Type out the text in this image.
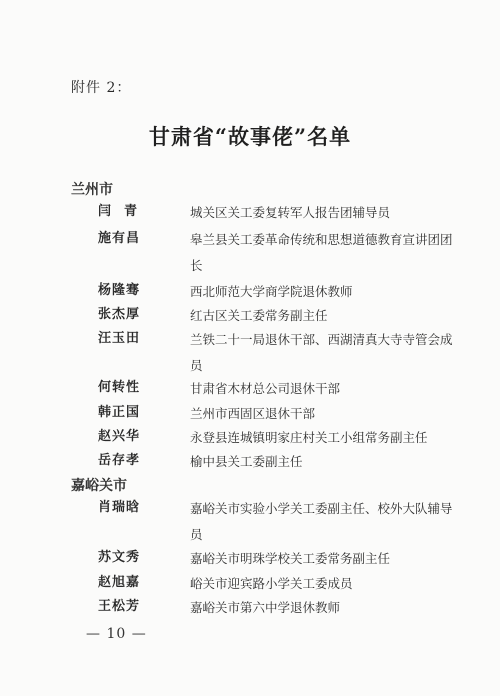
附件 2：
甘肃省“故事佬”名单
兰州市
闫青	城关区关工委复转军人报告团辅导员
施有昌	皋兰县关工委革命传统和思想道德教育宣讲团团长
杨隆骞	西北师范大学商学院退休教师
张杰厚	红古区关工委常务副主任
汪玉田	兰铁二十一局退休干部、西湖清真大寺寺管会成员
何转性	甘肃省木材总公司退休干部
韩正国	兰州市西固区退休干部
赵兴华	永登县连城镇明家庄村关工小组常务副主任
岳存孝	榆中县关工委副主任
嘉峪关市
肖瑞晗	嘉峪关市实验小学关工委副主任、校外大队辅导员
苏文秀	嘉峪关市明珠学校关工委常务副主任
赵旭嘉	峪关市迎宾路小学关工委成员
王松芳	嘉峪关市第六中学退休教师
— 10 —
